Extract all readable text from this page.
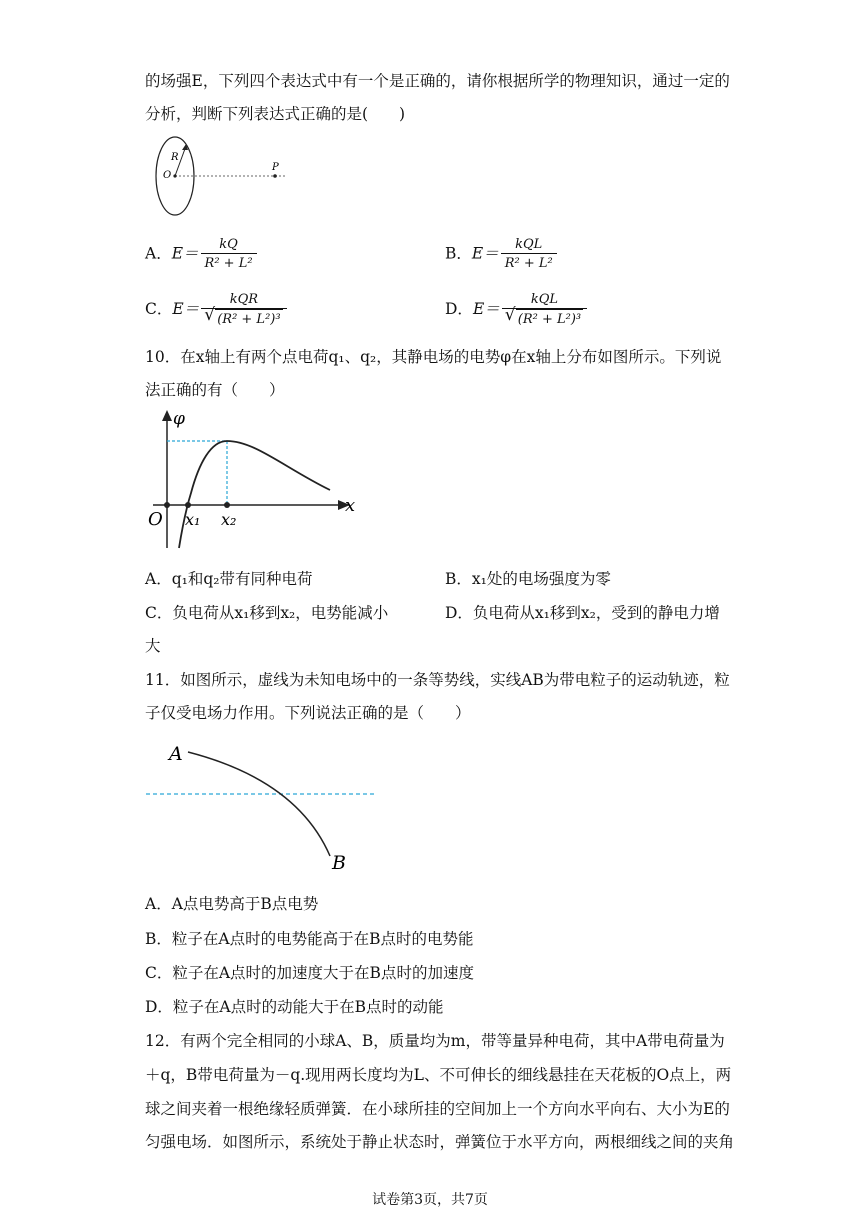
的场强E，下列四个表达式中有一个是正确的，请你根据所学的物理知识，通过一定的
分析，判断下列表达式正确的是(　　)
R
O
P
A．$E= \frac{kQ}{\text{R² + L²}}$	B．$E= \frac{\text{kQL}}{\text{R² + L²}}$
C．E＝ kQR
√ (R² + L²)³	D．E＝ kQL
√ (R² + L²)³
10．在x轴上有两个点电荷q₁、q₂，其静电场的电势φ在x轴上分布如图所示。下列说
法正确的有（　　）
φ
x
O x₁ x₂
A．q₁和q₂带有同种电荷	B．x₁处的电场强度为零
C．负电荷从x₁移到x₂，电势能减小	D．负电荷从x₁移到x₂，受到的静电力增
大
11．如图所示，虚线为未知电场中的一条等势线，实线AB为带电粒子的运动轨迹，粒
子仅受电场力作用。下列说法正确的是（　　）
A
B
A．A点电势高于B点电势
B．粒子在A点时的电势能高于在B点时的电势能
C．粒子在A点时的加速度大于在B点时的加速度
D．粒子在A点时的动能大于在B点时的动能
12．有两个完全相同的小球A、B，质量均为m，带等量异种电荷，其中A带电荷量为
＋q，B带电荷量为－q.现用两长度均为L、不可伸长的细线悬挂在天花板的O点上，两
球之间夹着一根绝缘轻质弹簧．在小球所挂的空间加上一个方向水平向右、大小为E的
匀强电场．如图所示，系统处于静止状态时，弹簧位于水平方向，两根细线之间的夹角
试卷第3页，共7页
